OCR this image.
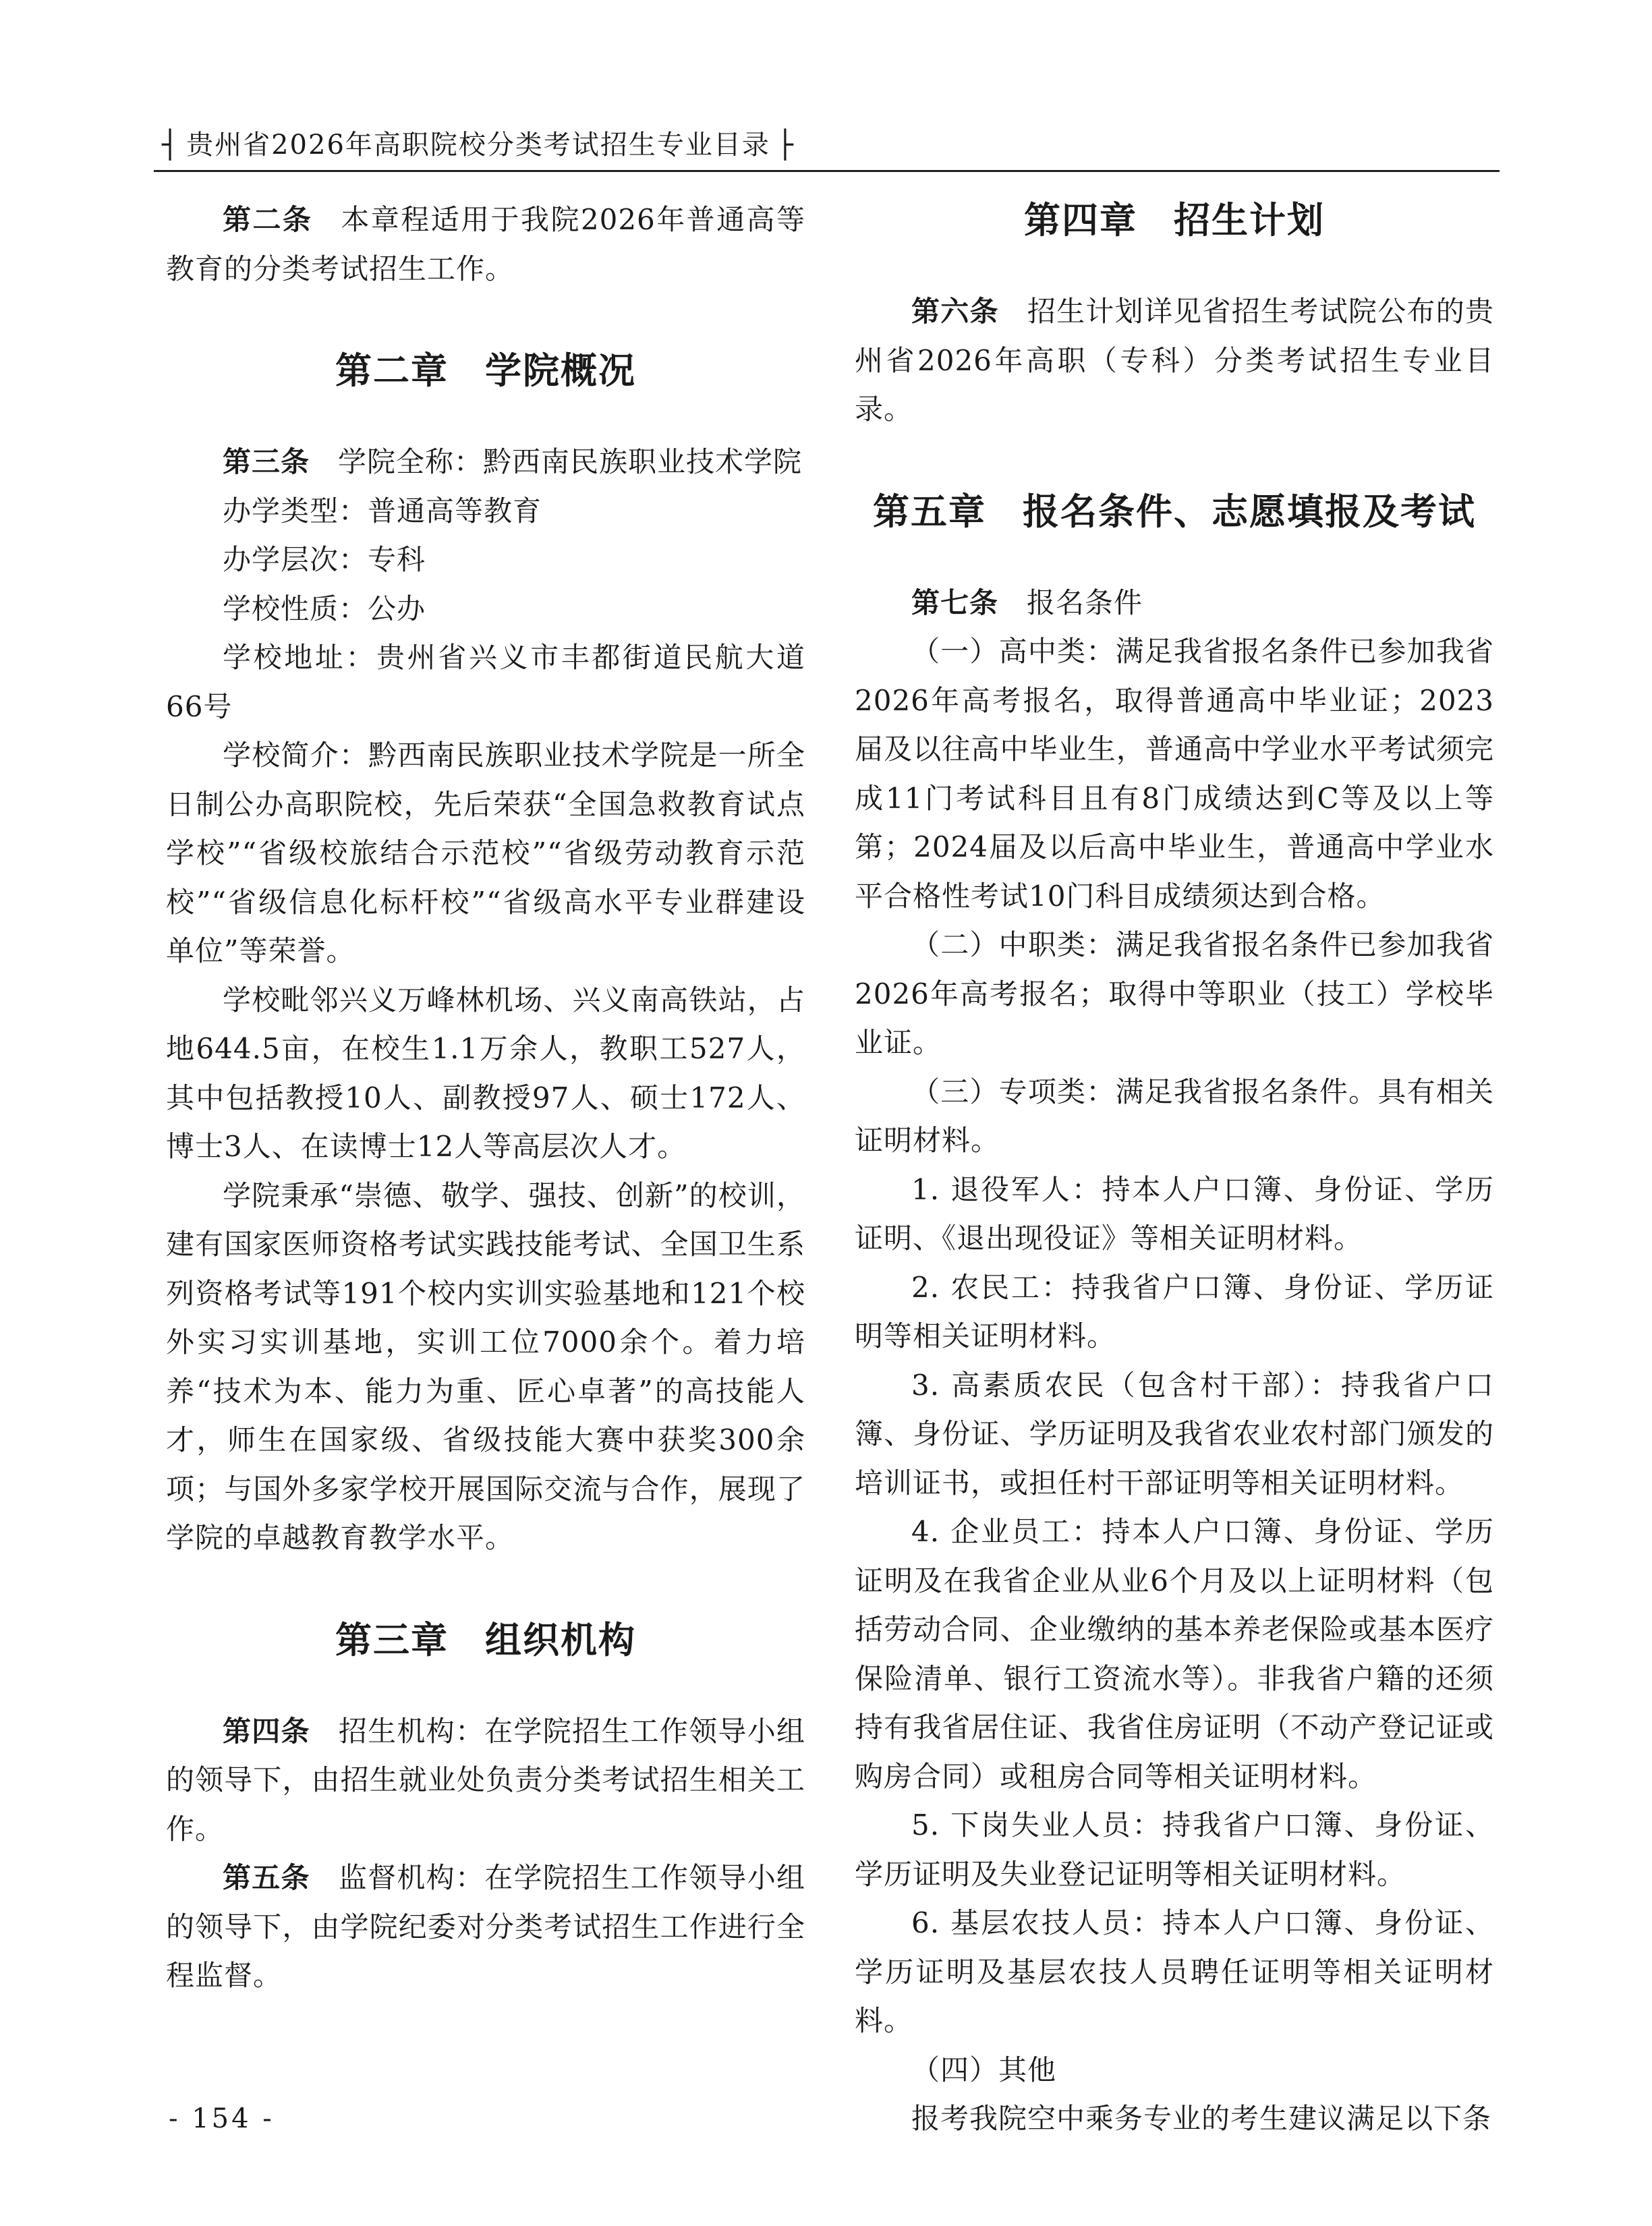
┤ 贵州省2026年高职院校分类考试招生专业目录 ├

第二条 本章程适用于我院2026年普通高等教育的分类考试招生工作。

第二章 学院概况

第三条 学院全称：黔西南民族职业技术学院

办学类型：普通高等教育

办学层次：专科

学校性质：公办

学校地址：贵州省兴义市丰都街道民航大道66号

学校简介：黔西南民族职业技术学院是一所全日制公办高职院校，先后荣获“全国急救教育试点学校”“省级校旅结合示范校”“省级劳动教育示范校”“省级信息化标杆校”“省级高水平专业群建设单位”等荣誉。

学校毗邻兴义万峰林机场、兴义南高铁站，占地644.5亩，在校生1.1万余人，教职工527人，其中包括教授10人、副教授97人、硕士172人、博士3人、在读博士12人等高层次人才。

学院秉承“崇德、敬学、强技、创新”的校训，建有国家医师资格考试实践技能考试、全国卫生系列资格考试等191个校内实训实验基地和121个校外实习实训基地，实训工位7000余个。着力培养“技术为本、能力为重、匠心卓著”的高技能人才，师生在国家级、省级技能大赛中获奖300余项；与国外多家学校开展国际交流与合作，展现了学院的卓越教育教学水平。

第三章 组织机构

第四条 招生机构：在学院招生工作领导小组的领导下，由招生就业处负责分类考试招生相关工作。

第五条 监督机构：在学院招生工作领导小组的领导下，由学院纪委对分类考试招生工作进行全程监督。

第四章 招生计划

第六条 招生计划详见省招生考试院公布的贵州省2026年高职（专科）分类考试招生专业目录。

第五章 报名条件、志愿填报及考试

第七条 报名条件

（一）高中类：满足我省报名条件已参加我省2026年高考报名，取得普通高中毕业证；2023届及以往高中毕业生，普通高中学业水平考试须完成11门考试科目且有8门成绩达到C等及以上等第；2024届及以后高中毕业生，普通高中学业水平合格性考试10门科目成绩须达到合格。

（二）中职类：满足我省报名条件已参加我省2026年高考报名；取得中等职业（技工）学校毕业证。

（三）专项类：满足我省报名条件。具有相关证明材料。

1. 退役军人：持本人户口簿、身份证、学历证明、《退出现役证》等相关证明材料。

2. 农民工：持我省户口簿、身份证、学历证明等相关证明材料。

3. 高素质农民（包含村干部）：持我省户口簿、身份证、学历证明及我省农业农村部门颁发的培训证书，或担任村干部证明等相关证明材料。

4. 企业员工：持本人户口簿、身份证、学历证明及在我省企业从业6个月及以上证明材料（包括劳动合同、企业缴纳的基本养老保险或基本医疗保险清单、银行工资流水等）。非我省户籍的还须持有我省居住证、我省住房证明（不动产登记证或购房合同）或租房合同等相关证明材料。

5. 下岗失业人员：持我省户口簿、身份证、学历证明及失业登记证明等相关证明材料。

6. 基层农技人员：持本人户口簿、身份证、学历证明及基层农技人员聘任证明等相关证明材料。

（四）其他

报考我院空中乘务专业的考生建议满足以下条

- 154 -
